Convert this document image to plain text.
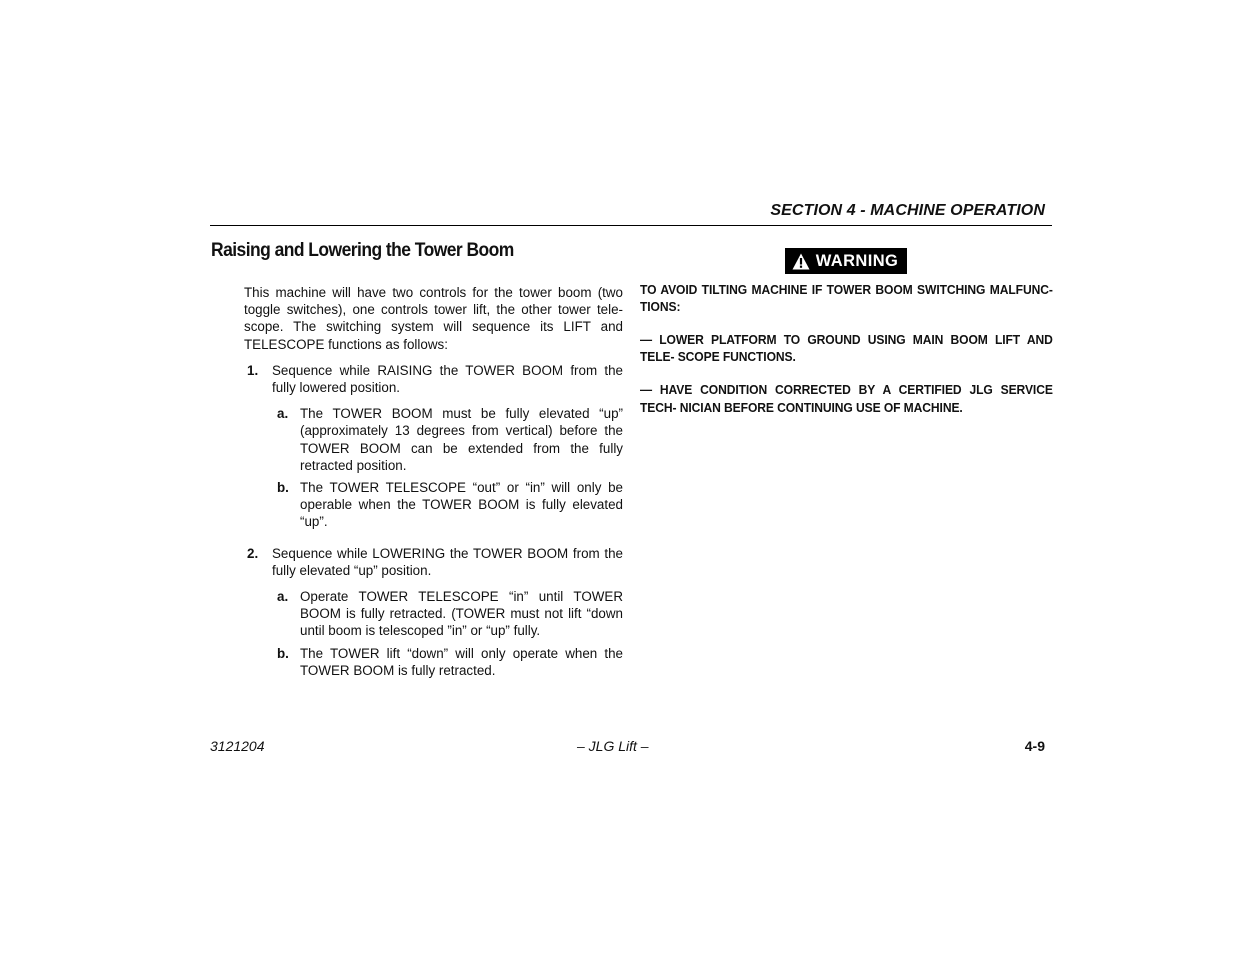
SECTION 4 - MACHINE OPERATION
Raising and Lowering the Tower Boom

This machine will have two controls for the tower boom (two toggle switches), one controls tower lift, the other tower tele- scope. The switching system will sequence its LIFT and TELESCOPE functions as follows:

1. Sequence while RAISING the TOWER BOOM from the fully lowered position.

a. The TOWER BOOM must be fully elevated “up” (approximately 13 degrees from vertical) before the TOWER BOOM can be extended from the fully retracted position.
b. The TOWER TELESCOPE “out” or “in” will only be operable when the TOWER BOOM is fully elevated “up”.
2. Sequence while LOWERING the TOWER BOOM from the fully elevated “up” position.

a. Operate TOWER TELESCOPE “in” until TOWER BOOM is fully retracted. (TOWER must not lift “down until boom is telescoped ”in” or “up” fully.
b. The TOWER lift “down” will only operate when the TOWER BOOM is fully retracted.
WARNING

TO AVOID TILTING MACHINE IF TOWER BOOM SWITCHING MALFUNC- TIONS:

— LOWER PLATFORM TO GROUND USING MAIN BOOM LIFT AND TELE- SCOPE FUNCTIONS.

— HAVE CONDITION CORRECTED BY A CERTIFIED JLG SERVICE TECH- NICIAN BEFORE CONTINUING USE OF MACHINE.

3121204	– JLG Lift –	4-9
